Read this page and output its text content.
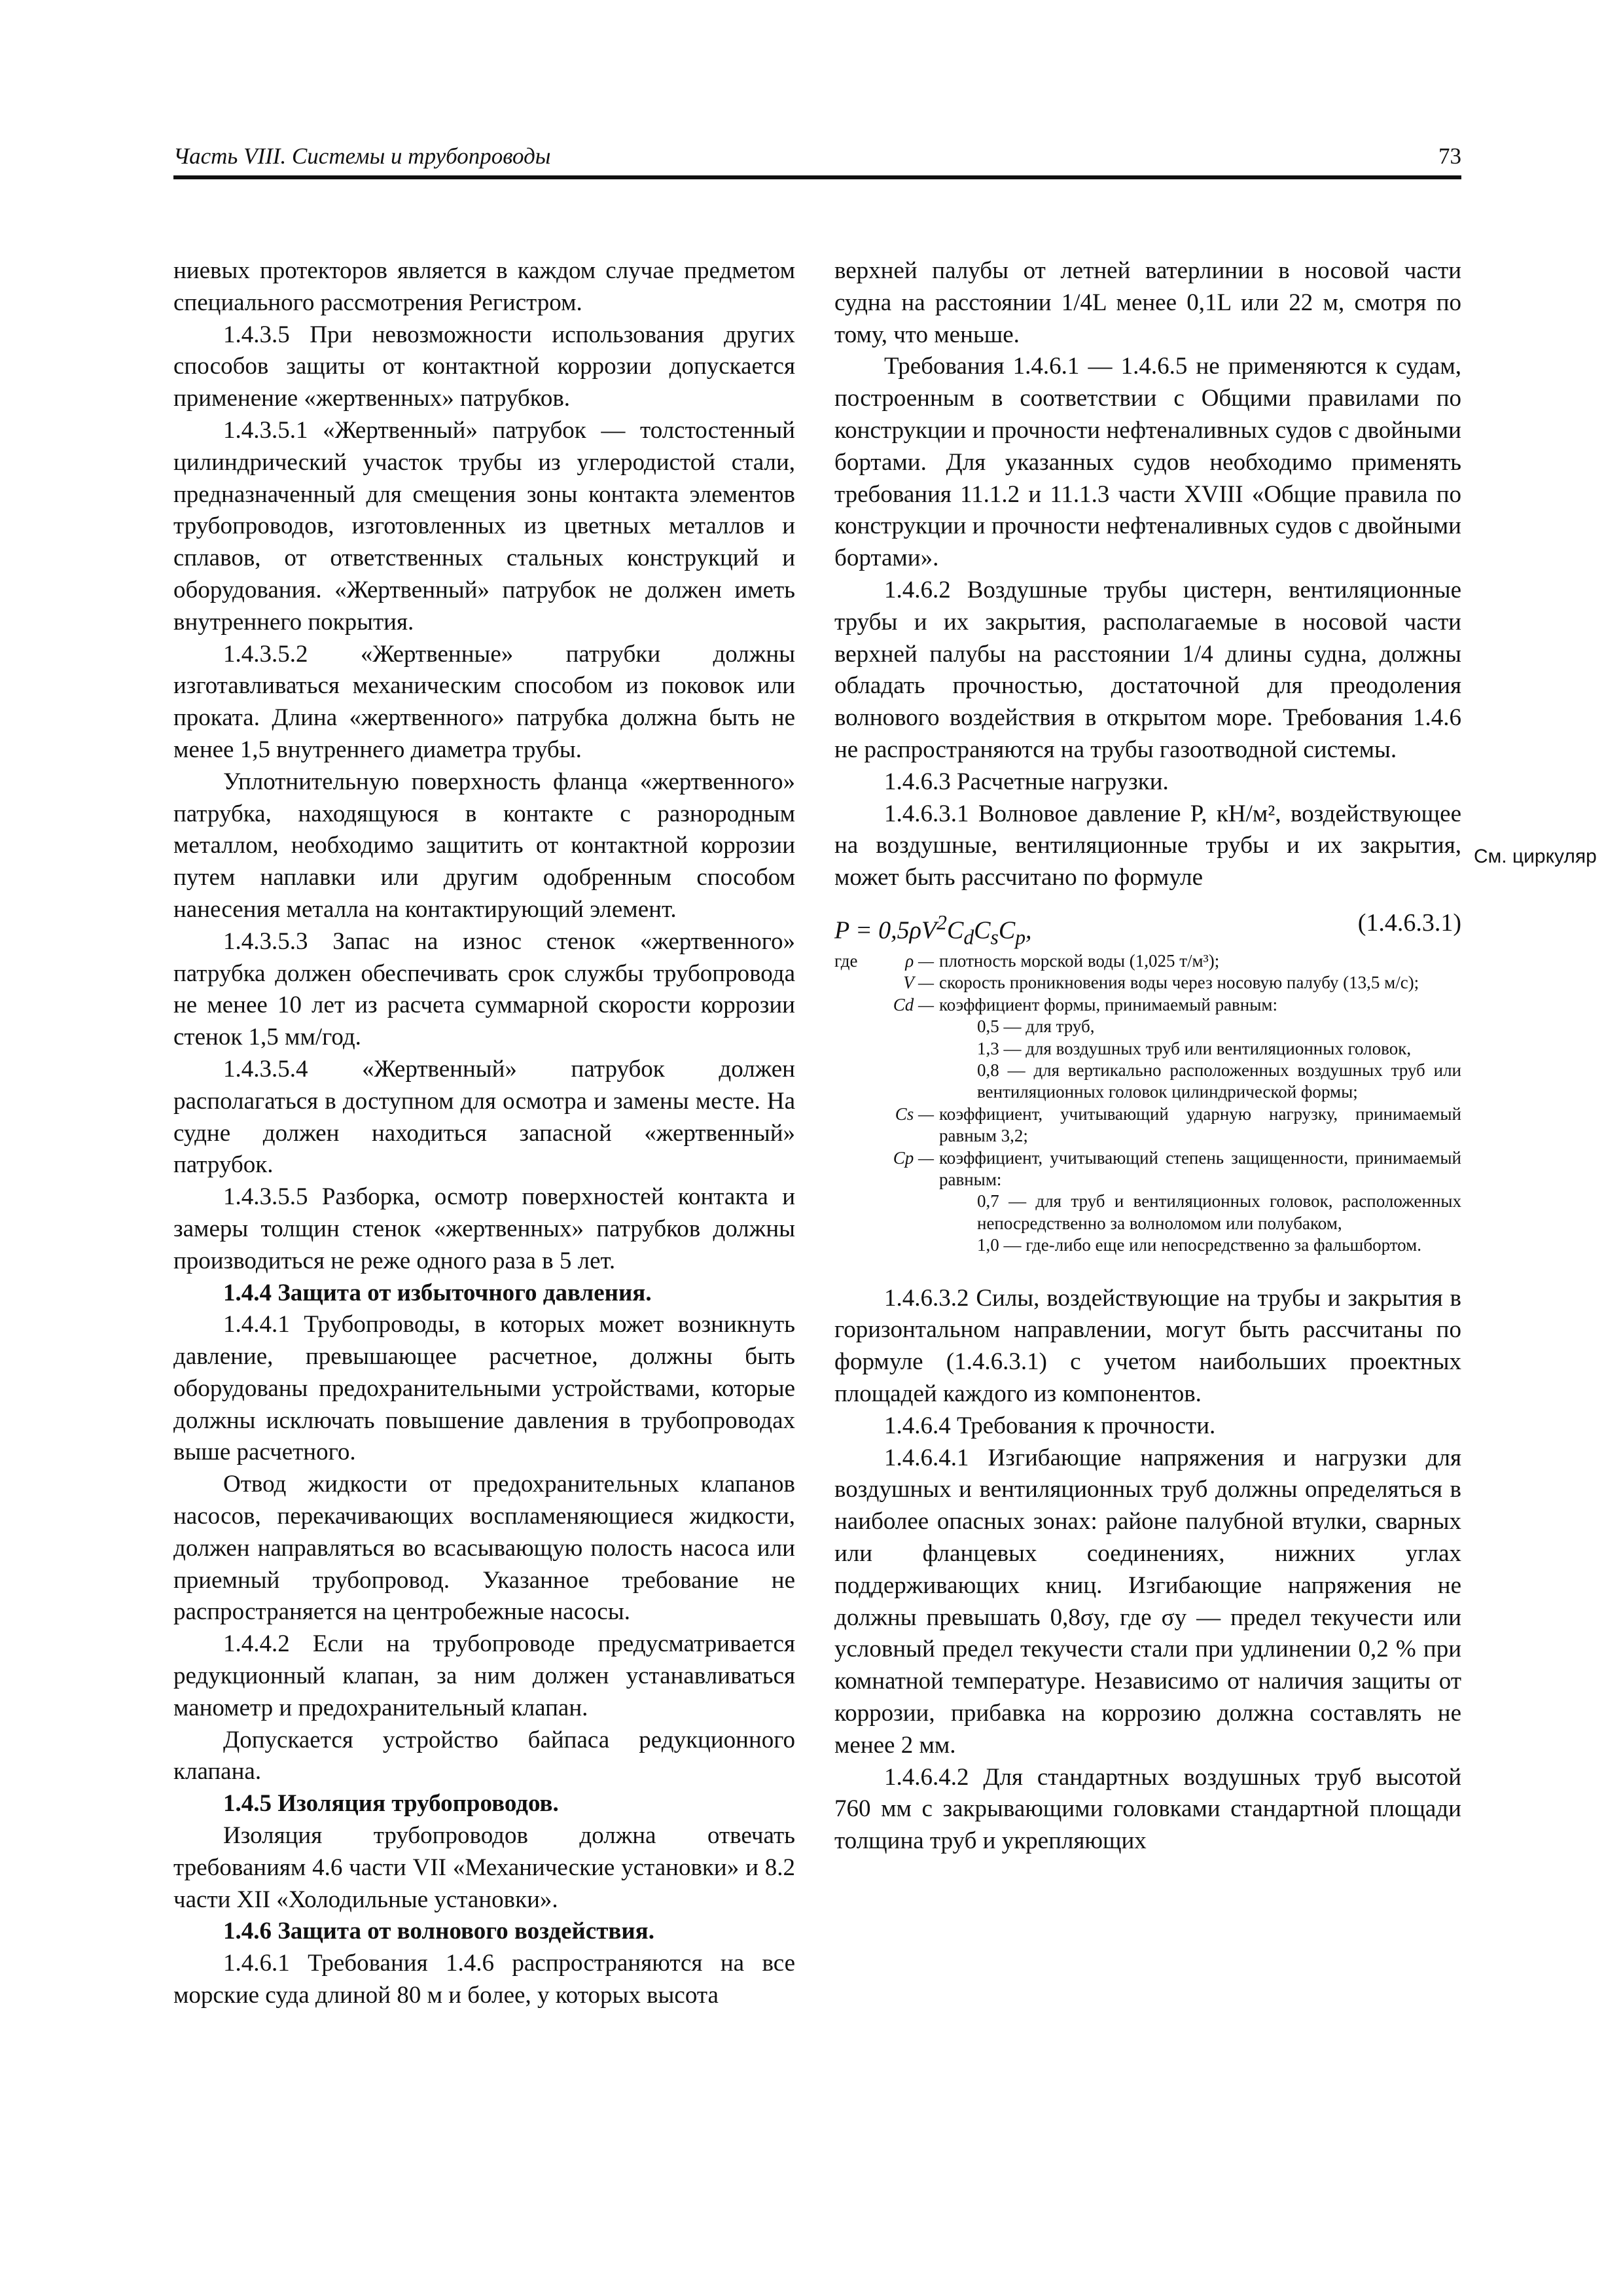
Часть VIII. Системы и трубопроводы	73

ниевых протекторов является в каждом случае предметом специального рассмотрения Регистром.

1.4.3.5 При невозможности использования других способов защиты от контактной коррозии допускается применение «жертвенных» патрубков.

1.4.3.5.1 «Жертвенный» патрубок — толстостенный цилиндрический участок трубы из углеродистой стали, предназначенный для смещения зоны контакта элементов трубопроводов, изготовленных из цветных металлов и сплавов, от ответственных стальных конструкций и оборудования. «Жертвенный» патрубок не должен иметь внутреннего покрытия.

1.4.3.5.2 «Жертвенные» патрубки должны изготавливаться механическим способом из поковок или проката. Длина «жертвенного» патрубка должна быть не менее 1,5 внутреннего диаметра трубы.

Уплотнительную поверхность фланца «жертвенного» патрубка, находящуюся в контакте с разнородным металлом, необходимо защитить от контактной коррозии путем наплавки или другим одобренным способом нанесения металла на контактирующий элемент.

1.4.3.5.3 Запас на износ стенок «жертвенного» патрубка должен обеспечивать срок службы трубопровода не менее 10 лет из расчета суммарной скорости коррозии стенок 1,5 мм/год.

1.4.3.5.4 «Жертвенный» патрубок должен располагаться в доступном для осмотра и замены месте. На судне должен находиться запасной «жертвенный» патрубок.

1.4.3.5.5 Разборка, осмотр поверхностей контакта и замеры толщин стенок «жертвенных» патрубков должны производиться не реже одного раза в 5 лет.

1.4.4 Защита от избыточного давления.

1.4.4.1 Трубопроводы, в которых может возникнуть давление, превышающее расчетное, должны быть оборудованы предохранительными устройствами, которые должны исключать повышение давления в трубопроводах выше расчетного.

Отвод жидкости от предохранительных клапанов насосов, перекачивающих воспламеняющиеся жидкости, должен направляться во всасывающую полость насоса или приемный трубопровод. Указанное требование не распространяется на центробежные насосы.

1.4.4.2 Если на трубопроводе предусматривается редукционный клапан, за ним должен устанавливаться манометр и предохранительный клапан.

Допускается устройство байпаса редукционного клапана.

1.4.5 Изоляция трубопроводов.

Изоляция трубопроводов должна отвечать требованиям 4.6 части VII «Механические установки» и 8.2 части XII «Холодильные установки».

1.4.6 Защита от волнового воздействия.

1.4.6.1 Требования 1.4.6 распространяются на все морские суда длиной 80 м и более, у которых высота

верхней палубы от летней ватерлинии в носовой части судна на расстоянии 1/4L менее 0,1L или 22 м, смотря по тому, что меньше.

Требования 1.4.6.1 — 1.4.6.5 не применяются к судам, построенным в соответствии с Общими правилами по конструкции и прочности нефтеналивных судов с двойными бортами. Для указанных судов необходимо применять требования 11.1.2 и 11.1.3 части XVIII «Общие правила по конструкции и прочности нефтеналивных судов с двойными бортами».

1.4.6.2 Воздушные трубы цистерн, вентиляционные трубы и их закрытия, располагаемые в носовой части верхней палубы на расстоянии 1/4 длины судна, должны обладать прочностью, достаточной для преодоления волнового воздействия в открытом море. Требования 1.4.6 не распространяются на трубы газоотводной системы.

1.4.6.3 Расчетные нагрузки.

1.4.6.3.1 Волновое давление P, кН/м², воздействующее на воздушные, вентиляционные трубы и их закрытия, может быть рассчитано по формуле

$P = 0,5\rho V^2C_dC_sC_p$,	(1.4.6.3.1)
где	ρ — плотность морской воды (1,025 т/м³);
V — скорость проникновения воды через носовую палубу (13,5 м/с);
Cd — коэффициент формы, принимаемый равным:
0,5 — для труб,
1,3 — для воздушных труб или вентиляционных головок,
0,8 — для вертикально расположенных воздушных труб или вентиляционных головок цилиндрической формы;
Cs — коэффициент, учитывающий ударную нагрузку, принимаемый равным 3,2;
Cp — коэффициент, учитывающий степень защищенности, принимаемый равным:
0,7 — для труб и вентиляционных головок, расположенных непосредственно за волноломом или полубаком,
1,0 — где-либо еще или непосредственно за фальшбортом.

1.4.6.3.2 Силы, воздействующие на трубы и закрытия в горизонтальном направлении, могут быть рассчитаны по формуле (1.4.6.3.1) с учетом наибольших проектных площадей каждого из компонентов.

1.4.6.4 Требования к прочности.

1.4.6.4.1 Изгибающие напряжения и нагрузки для воздушных и вентиляционных труб должны определяться в наиболее опасных зонах: районе палубной втулки, сварных или фланцевых соединениях, нижних углах поддерживающих книц. Изгибающие напряжения не должны превышать 0,8σy, где σy — предел текучести или условный предел текучести стали при удлинении 0,2 % при комнатной температуре. Независимо от наличия защиты от коррозии, прибавка на коррозию должна составлять не менее 2 мм.

1.4.6.4.2 Для стандартных воздушных труб высотой 760 мм с закрывающими головками стандартной площади толщина труб и укрепляющих

См. циркуляр
